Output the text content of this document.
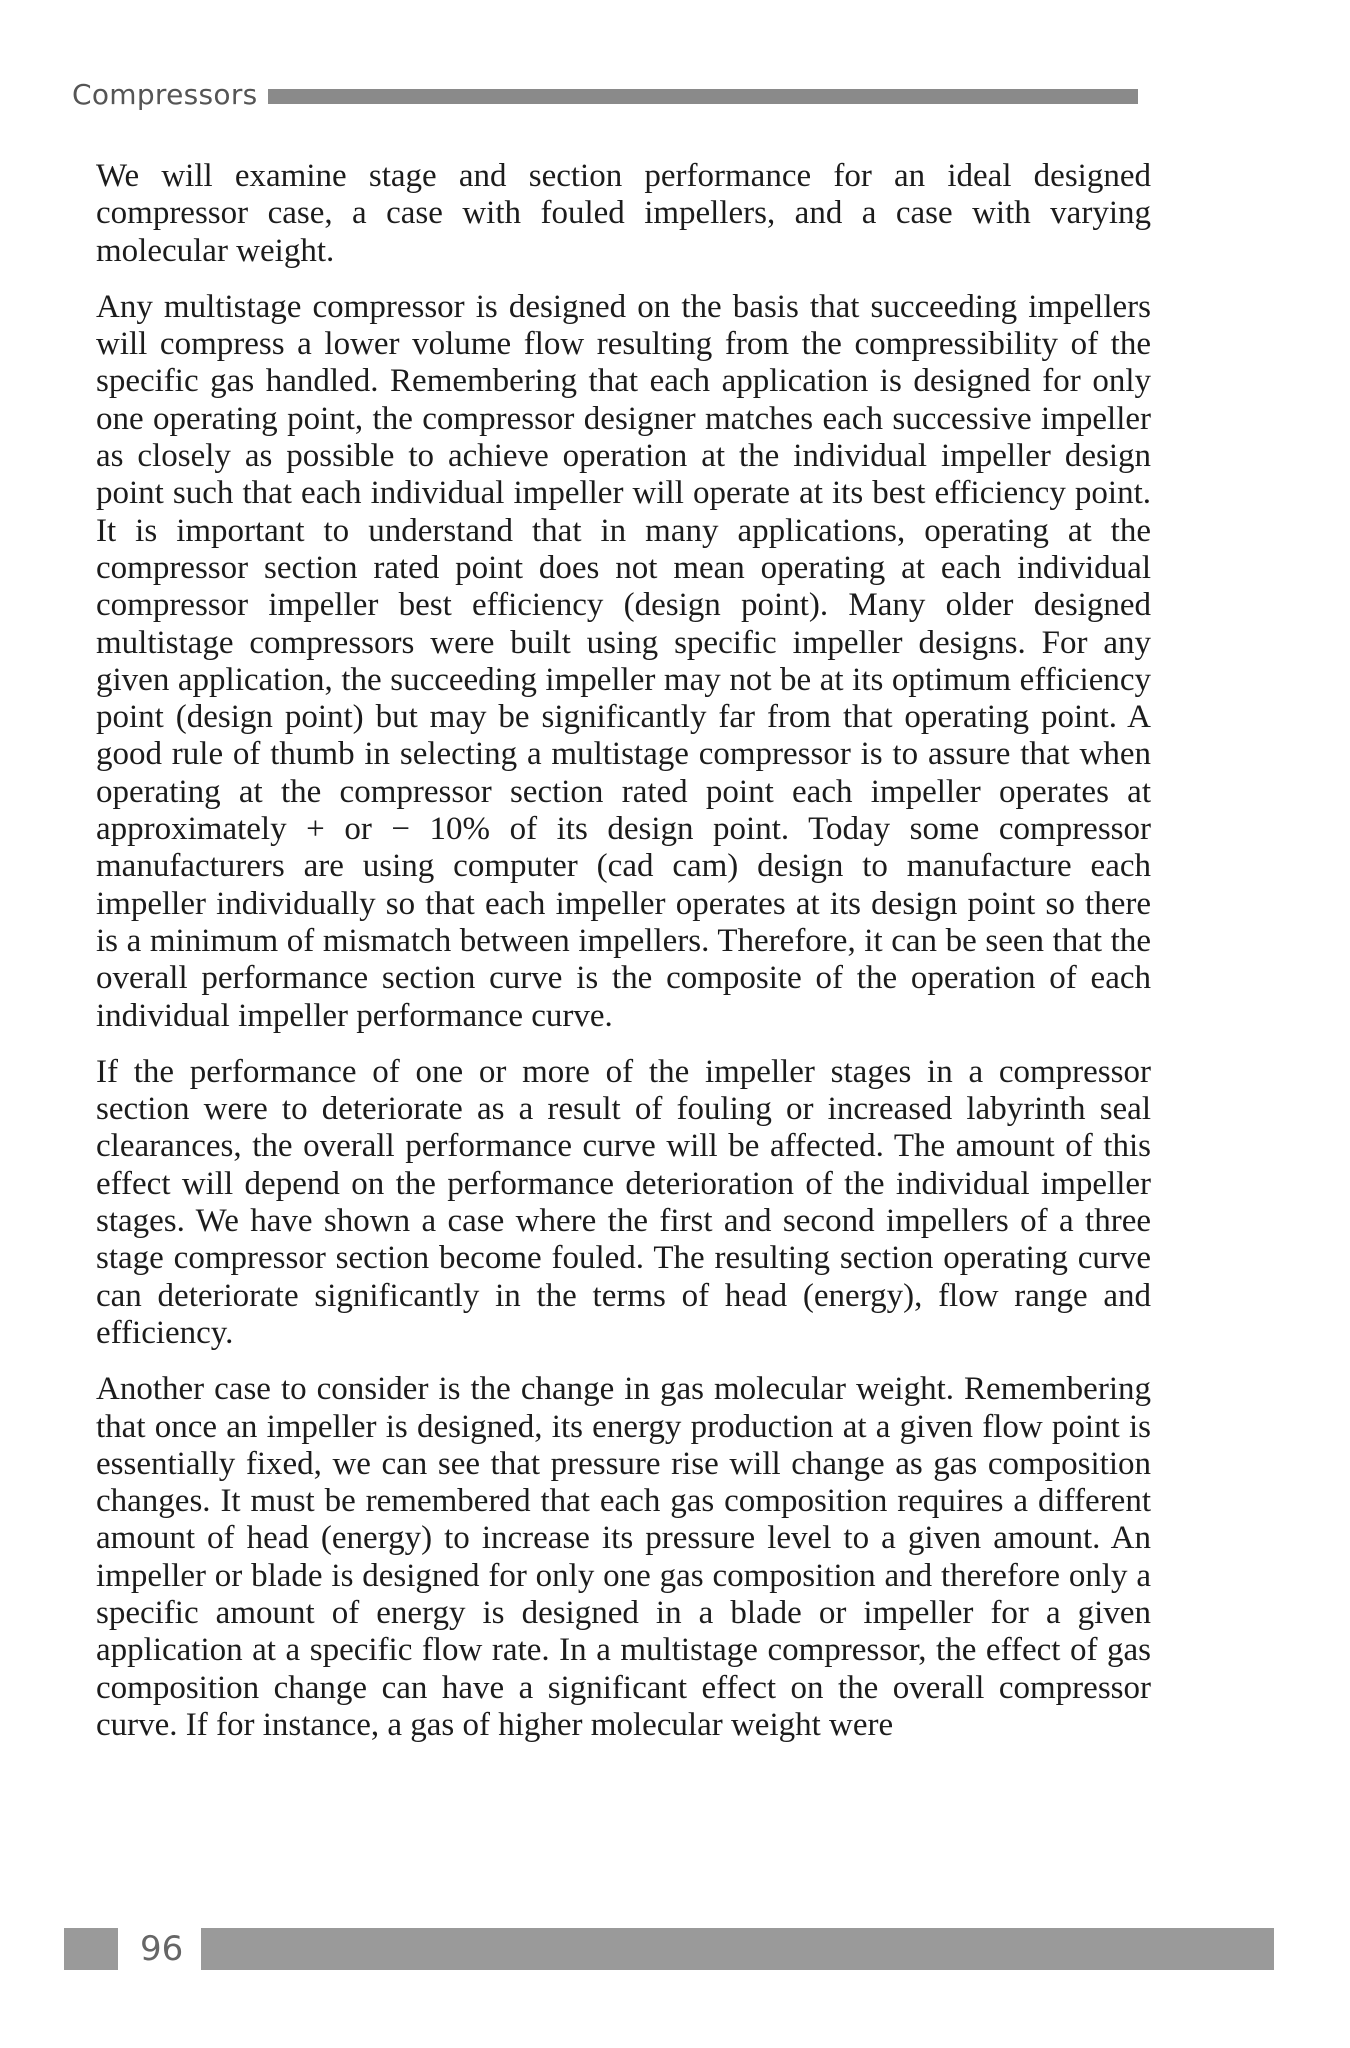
Compressors

We will examine stage and section performance for an ideal designed compressor case, a case with fouled impellers, and a case with varying molecular weight.

Any multistage compressor is designed on the basis that succeeding impellers will compress a lower volume flow resulting from the compressibility of the specific gas handled. Remembering that each application is designed for only one operating point, the compressor designer matches each successive impeller as closely as possible to achieve operation at the individual impeller design point such that each individual impeller will operate at its best efficiency point. It is important to understand that in many applications, operating at the compressor section rated point does not mean operating at each individual compressor impeller best efficiency (design point). Many older designed multistage compressors were built using specific impeller designs. For any given application, the succeeding impeller may not be at its optimum efficiency point (design point) but may be significantly far from that operating point. A good rule of thumb in selecting a multistage compressor is to assure that when operating at the compressor section rated point each impeller operates at approximately + or − 10% of its design point. Today some compressor manufacturers are using computer (cad cam) design to manufacture each impeller individually so that each impeller operates at its design point so there is a minimum of mismatch between impellers. Therefore, it can be seen that the overall performance section curve is the composite of the operation of each individual impeller performance curve.

If the performance of one or more of the impeller stages in a compressor section were to deteriorate as a result of fouling or increased labyrinth seal clearances, the overall performance curve will be affected. The amount of this effect will depend on the performance deterioration of the individual impeller stages. We have shown a case where the first and second impellers of a three stage compressor section become fouled. The resulting section operating curve can deteriorate significantly in the terms of head (energy), flow range and efficiency.

Another case to consider is the change in gas molecular weight. Remembering that once an impeller is designed, its energy production at a given flow point is essentially fixed, we can see that pressure rise will change as gas composition changes. It must be remembered that each gas composition requires a different amount of head (energy) to increase its pressure level to a given amount. An impeller or blade is designed for only one gas composition and therefore only a specific amount of energy is designed in a blade or impeller for a given application at a specific flow rate. In a multistage compressor, the effect of gas composition change can have a significant effect on the overall compressor curve. If for instance, a gas of higher molecular weight were

96
